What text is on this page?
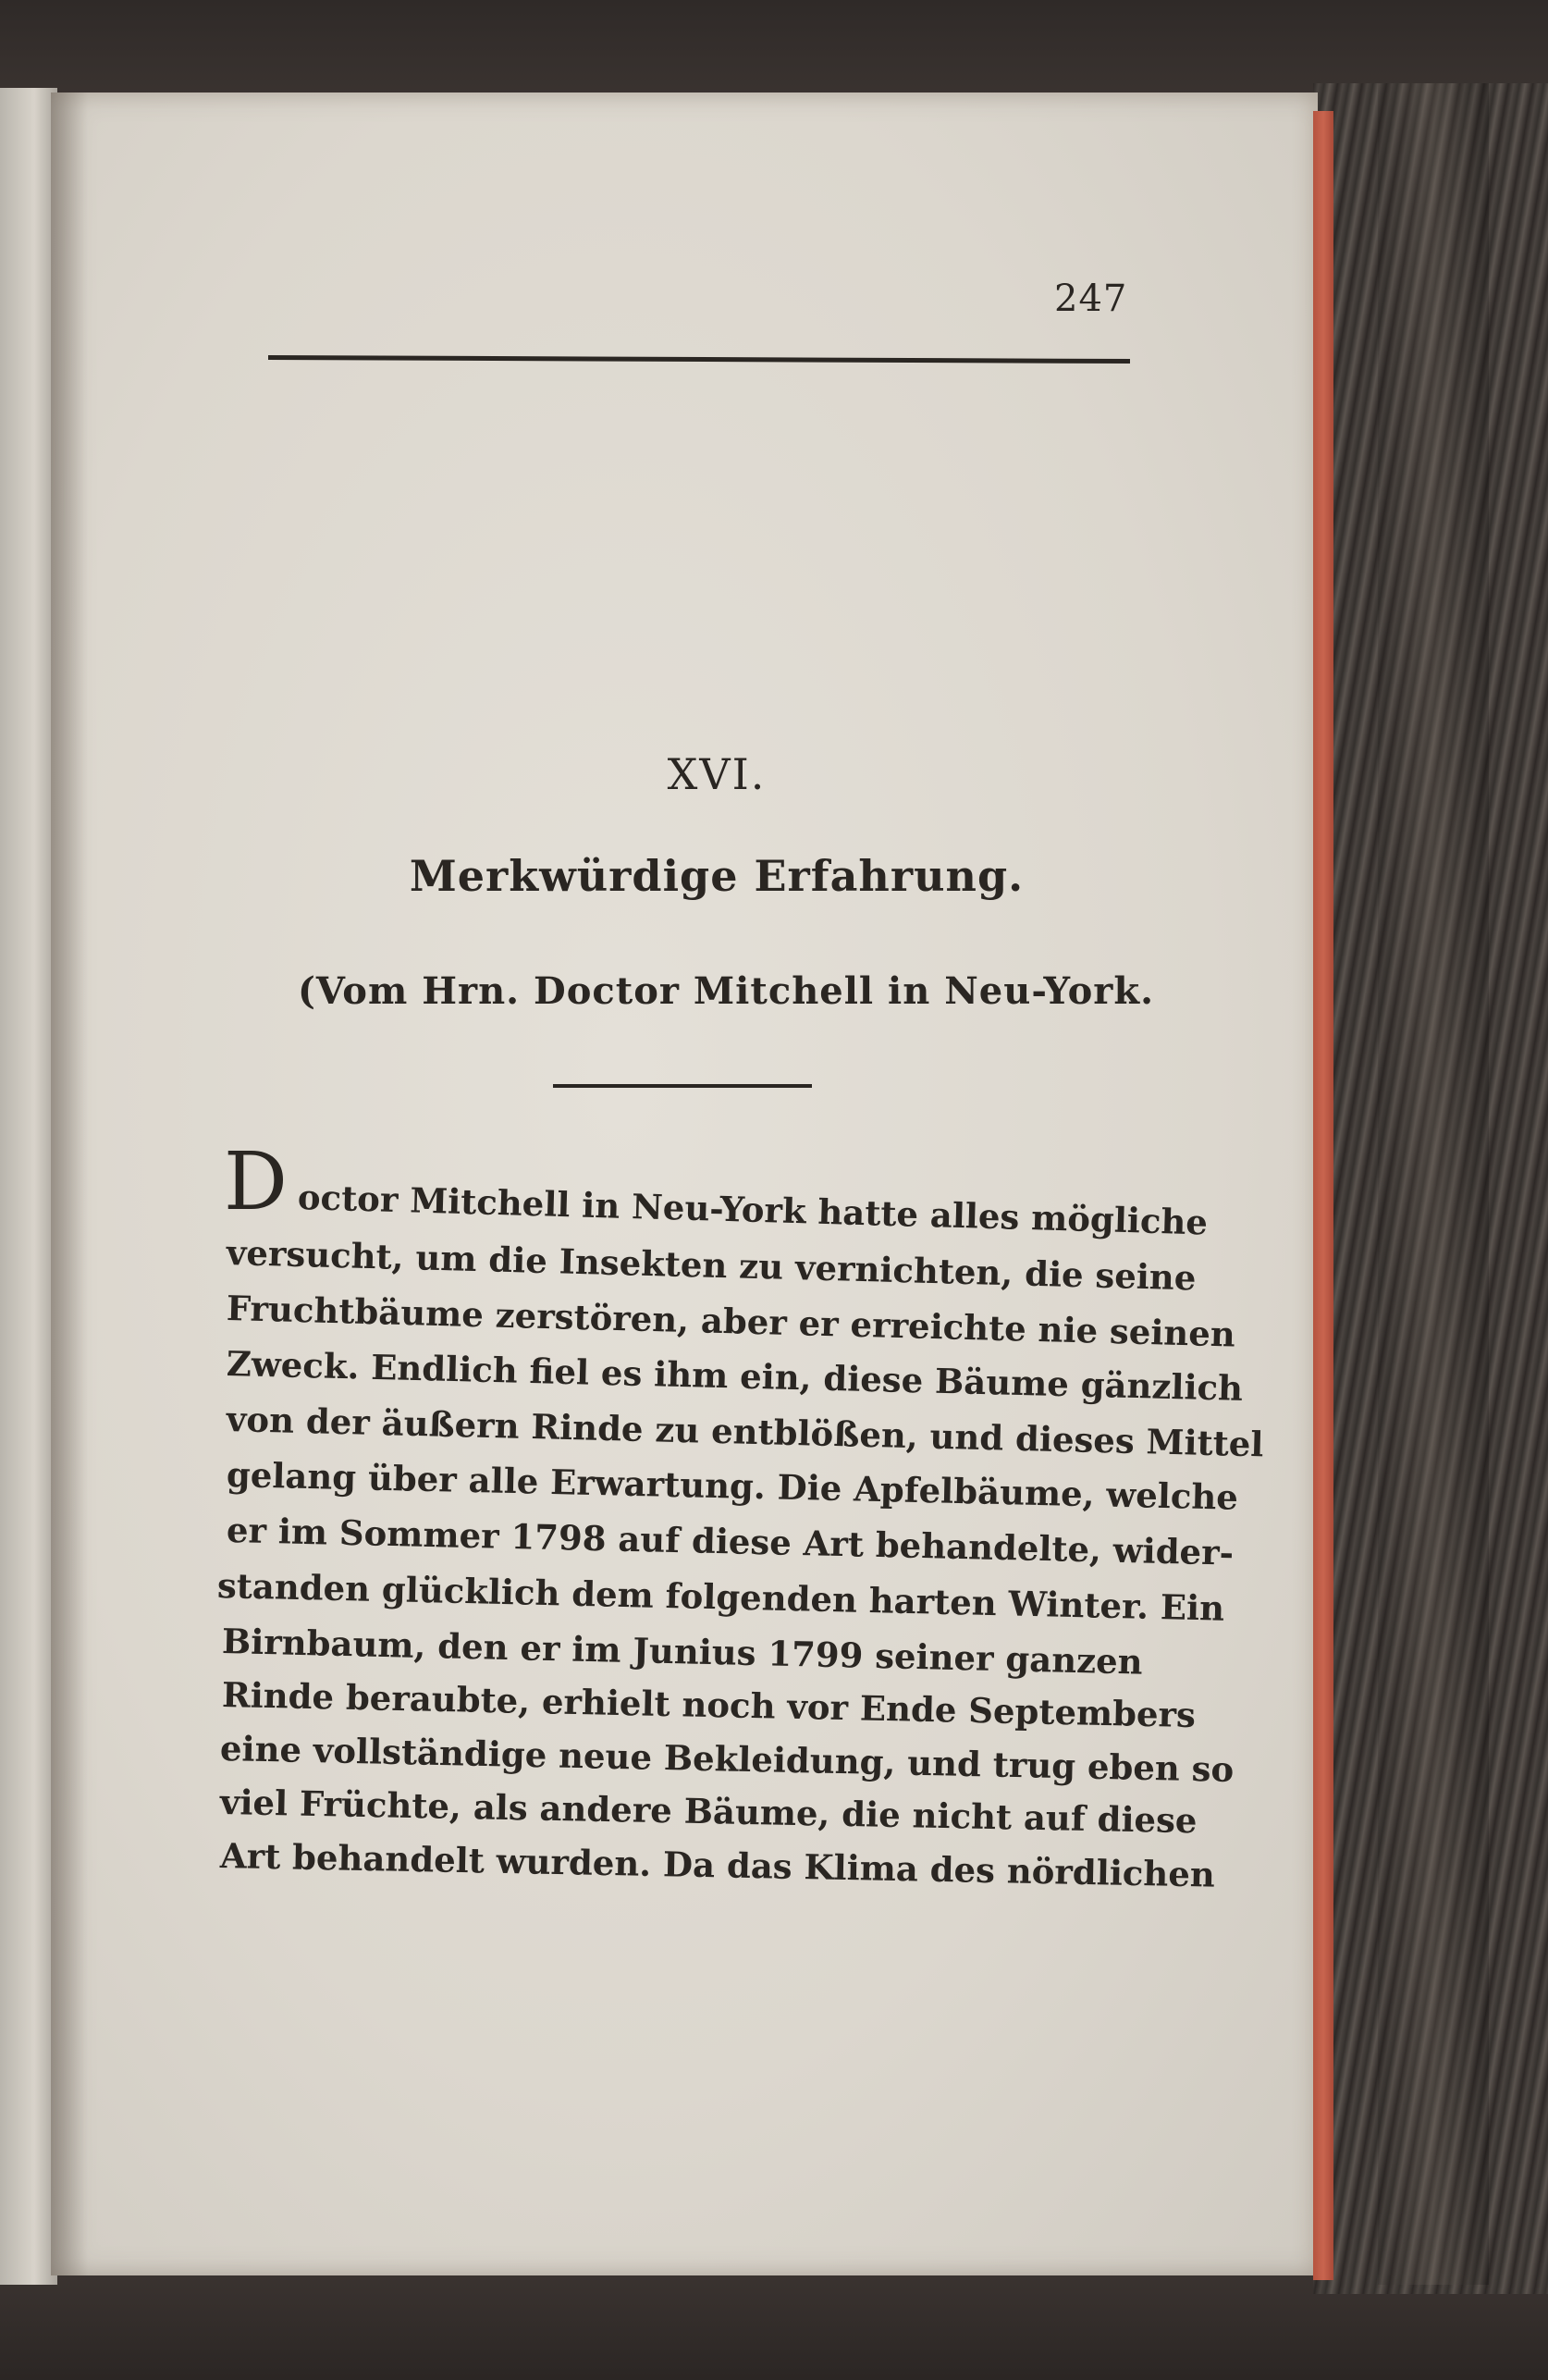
247

XVI.

Merkwürdige Erfahrung.

(Vom Hrn. Doctor Mitchell in Neu-York.

D octor Mitchell in Neu-York hatte alles mögliche
versucht, um die Insekten zu vernichten, die seine
Fruchtbäume zerstören, aber er erreichte nie seinen
Zweck. Endlich fiel es ihm ein, diese Bäume gänzlich
von der äußern Rinde zu entblößen, und dieses Mittel
gelang über alle Erwartung. Die Apfelbäume, welche
er im Sommer 1798 auf diese Art behandelte, wider-
standen glücklich dem folgenden harten Winter. Ein
Birnbaum, den er im Junius 1799 seiner ganzen
Rinde beraubte, erhielt noch vor Ende Septembers
eine vollständige neue Bekleidung, und trug eben so
viel Früchte, als andere Bäume, die nicht auf diese
Art behandelt wurden. Da das Klima des nördlichen
